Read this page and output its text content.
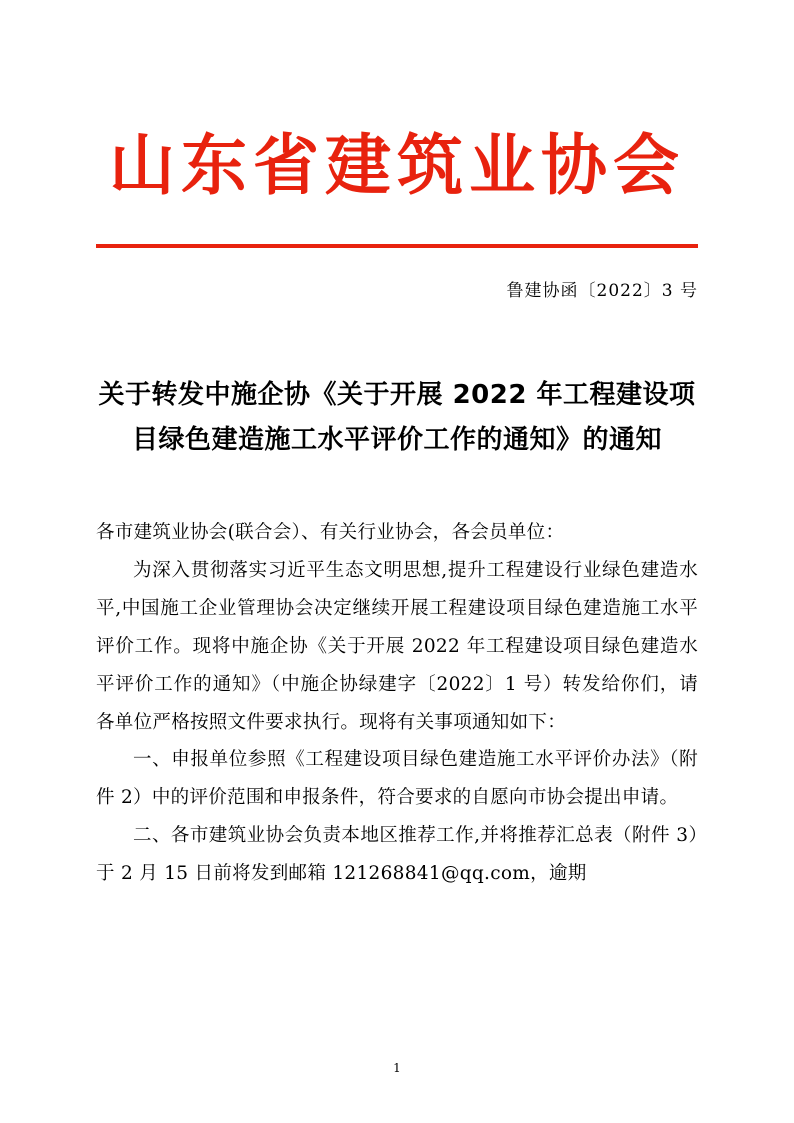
山东省建筑业协会
鲁建协函〔2022〕3 号
关于转发中施企协《关于开展 2022 年工程建设项目绿色建造施工水平评价工作的通知》的通知

各市建筑业协会(联合会）、有关行业协会，各会员单位：

为深入贯彻落实习近平生态文明思想,提升工程建设行业绿色建造水平,中国施工企业管理协会决定继续开展工程建设项目绿色建造施工水平评价工作。现将中施企协《关于开展 2022 年工程建设项目绿色建造水平评价工作的通知》（中施企协绿建字〔2022〕1 号）转发给你们，请各单位严格按照文件要求执行。现将有关事项通知如下：

一、申报单位参照《工程建设项目绿色建造施工水平评价办法》（附件 2）中的评价范围和申报条件，符合要求的自愿向市协会提出申请。

二、各市建筑业协会负责本地区推荐工作,并将推荐汇总表（附件 3）于 2 月 15 日前将发到邮箱 121268841@qq.com，逾期

1
